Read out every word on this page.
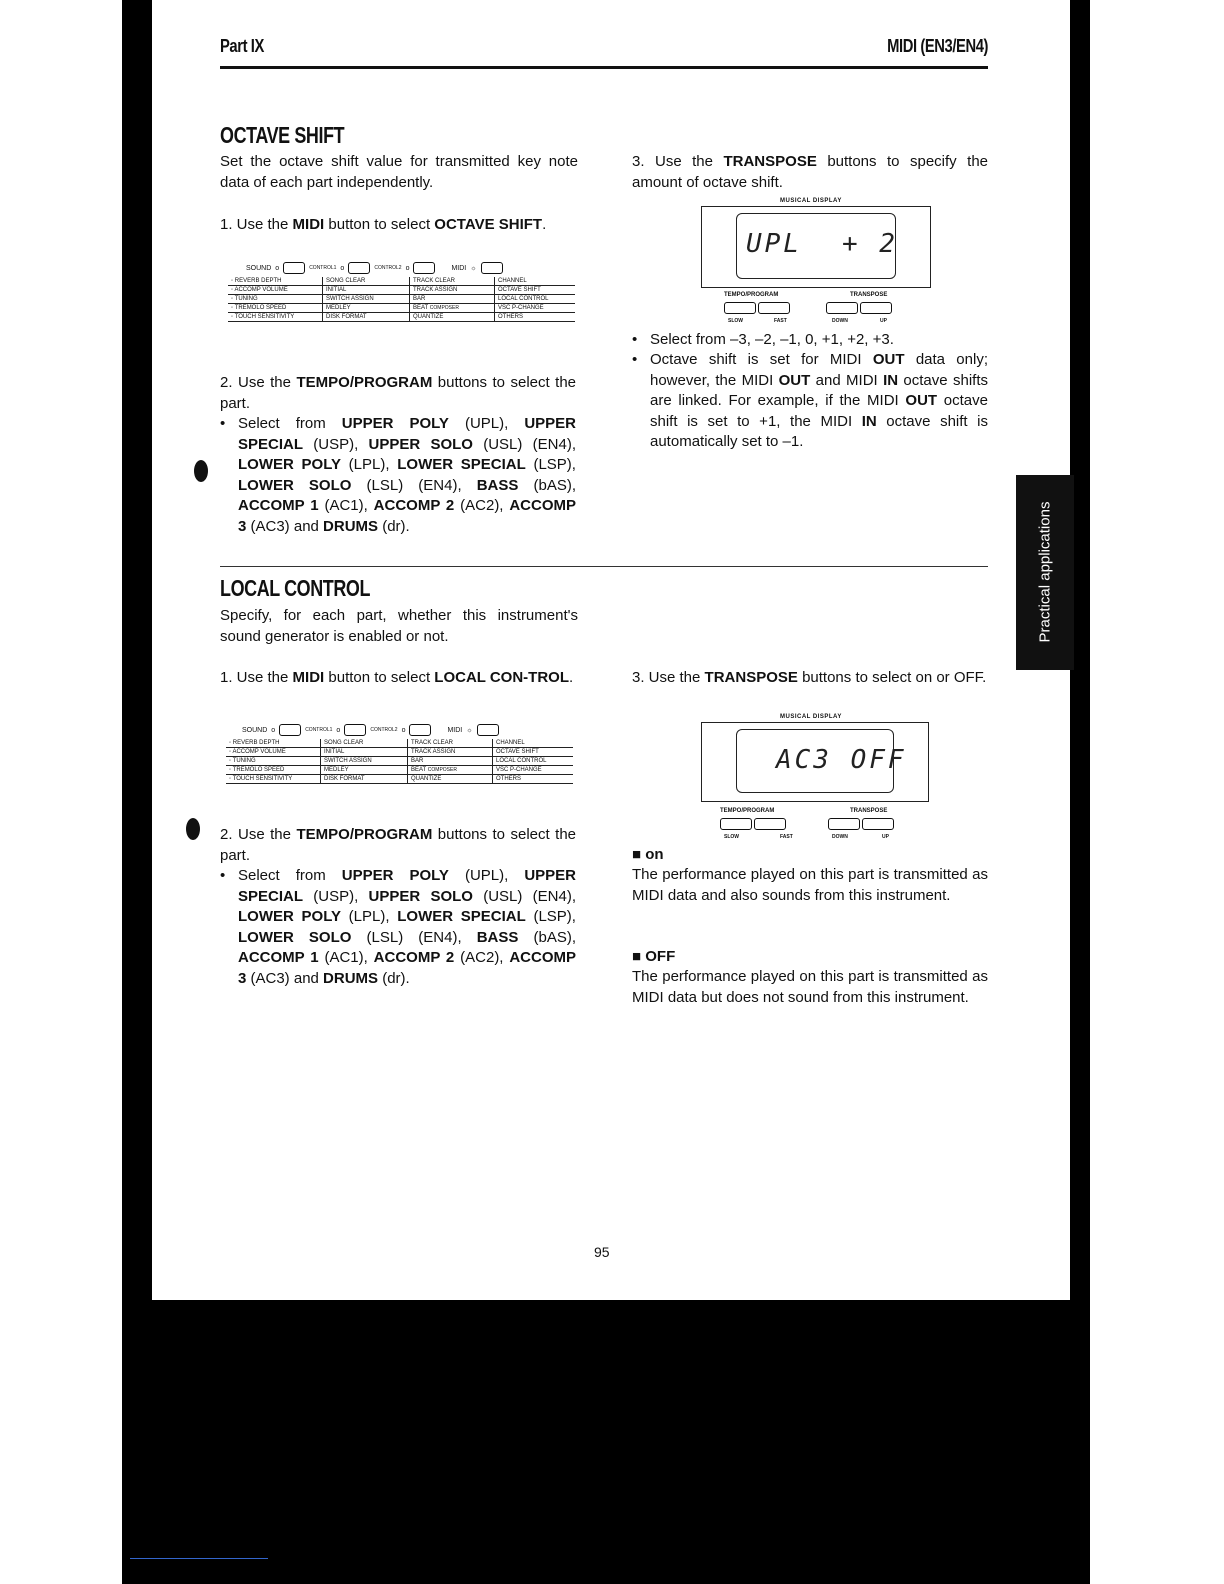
Part IX	MIDI (EN3/EN4)
OCTAVE SHIFT
Set the octave shift value for transmitted key note data of each part independently.
1. Use the MIDI button to select OCTAVE SHIFT.
SOUND o	CONTROL1 o	CONTROL2 o	MIDI ☼
◦ REVERB DEPTH	SONG CLEAR	TRACK CLEAR	CHANNEL
◦ ACCOMP VOLUME	INITIAL	TRACK ASSIGN	OCTAVE SHIFT
◦ TUNING	SWITCH ASSIGN	BAR	LOCAL CONTROL
◦ TREMOLO SPEED	MEDLEY	BEAT COMPOSER	VSC P-CHANGE
◦ TOUCH SENSITIVITY	DISK FORMAT	QUANTIZE	OTHERS
2. Use the TEMPO/PROGRAM buttons to select the part.
• Select from UPPER POLY (UPL), UPPER SPECIAL (USP), UPPER SOLO (USL) (EN4), LOWER POLY (LPL), LOWER SPECIAL (LSP), LOWER SOLO (LSL) (EN4), BASS (bAS), ACCOMP 1 (AC1), ACCOMP 2 (AC2), ACCOMP 3 (AC3) and DRUMS (dr).
3. Use the TRANSPOSE buttons to specify the amount of octave shift.
MUSICAL DISPLAY
UPL + 2
TEMPO/PROGRAM	TRANSPOSE
SLOW	FAST	DOWN	UP
• Select from –3, –2, –1, 0, +1, +2, +3.
• Octave shift is set for MIDI OUT data only; however, the MIDI OUT and MIDI IN octave shifts are linked. For example, if the MIDI OUT octave shift is set to +1, the MIDI IN octave shift is automatically set to –1.
LOCAL CONTROL
Specify, for each part, whether this instrument's sound generator is enabled or not.
1. Use the MIDI button to select LOCAL CON-TROL.
SOUND o	CONTROL1 o	CONTROL2 o	MIDI ☼
◦ REVERB DEPTH	SONG CLEAR	TRACK CLEAR	CHANNEL
◦ ACCOMP VOLUME	INITIAL	TRACK ASSIGN	OCTAVE SHIFT
◦ TUNING	SWITCH ASSIGN	BAR	LOCAL CONTROL
◦ TREMOLO SPEED	MEDLEY	BEAT COMPOSER	VSC P-CHANGE
◦ TOUCH SENSITIVITY	DISK FORMAT	QUANTIZE	OTHERS
2. Use the TEMPO/PROGRAM buttons to select the part.
• Select from UPPER POLY (UPL), UPPER SPECIAL (USP), UPPER SOLO (USL) (EN4), LOWER POLY (LPL), LOWER SPECIAL (LSP), LOWER SOLO (LSL) (EN4), BASS (bAS), ACCOMP 1 (AC1), ACCOMP 2 (AC2), ACCOMP 3 (AC3) and DRUMS (dr).
3. Use the TRANSPOSE buttons to select on or OFF.
MUSICAL DISPLAY
AC3 OFF
TEMPO/PROGRAM	TRANSPOSE
SLOW	FAST	DOWN	UP
■ on
The performance played on this part is transmitted as MIDI data and also sounds from this instrument.
■ OFF
The performance played on this part is transmitted as MIDI data but does not sound from this instrument.
Practical applications
95
